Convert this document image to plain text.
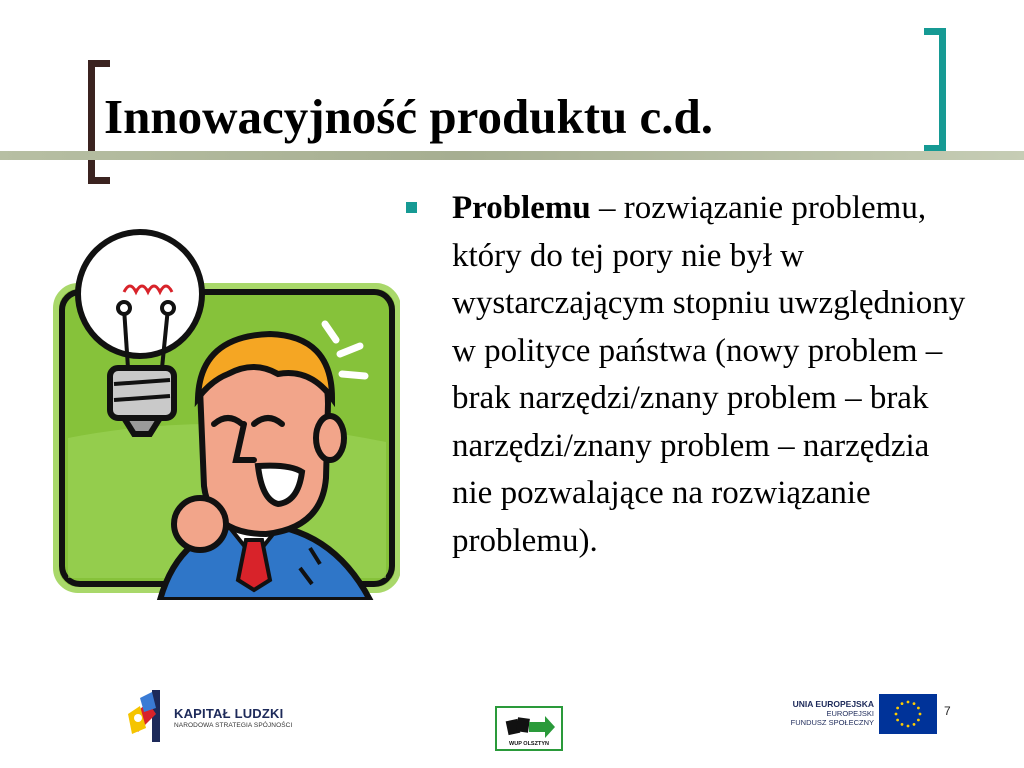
Innowacyjność produktu c.d.

Problemu – rozwiązanie problemu, który do tej pory nie był w wystarczającym stopniu uwzględniony w polityce państwa (nowy problem – brak narzędzi/znany problem – brak narzędzi/znany problem – narzędzia nie pozwalające na rozwiązanie problemu).

KAPITAŁ LUDZKI
NARODOWA STRATEGIA SPÓJNOŚCI
WUP OLSZTYN
UNIA EUROPEJSKA
EUROPEJSKI
FUNDUSZ SPOŁECZNY
7
